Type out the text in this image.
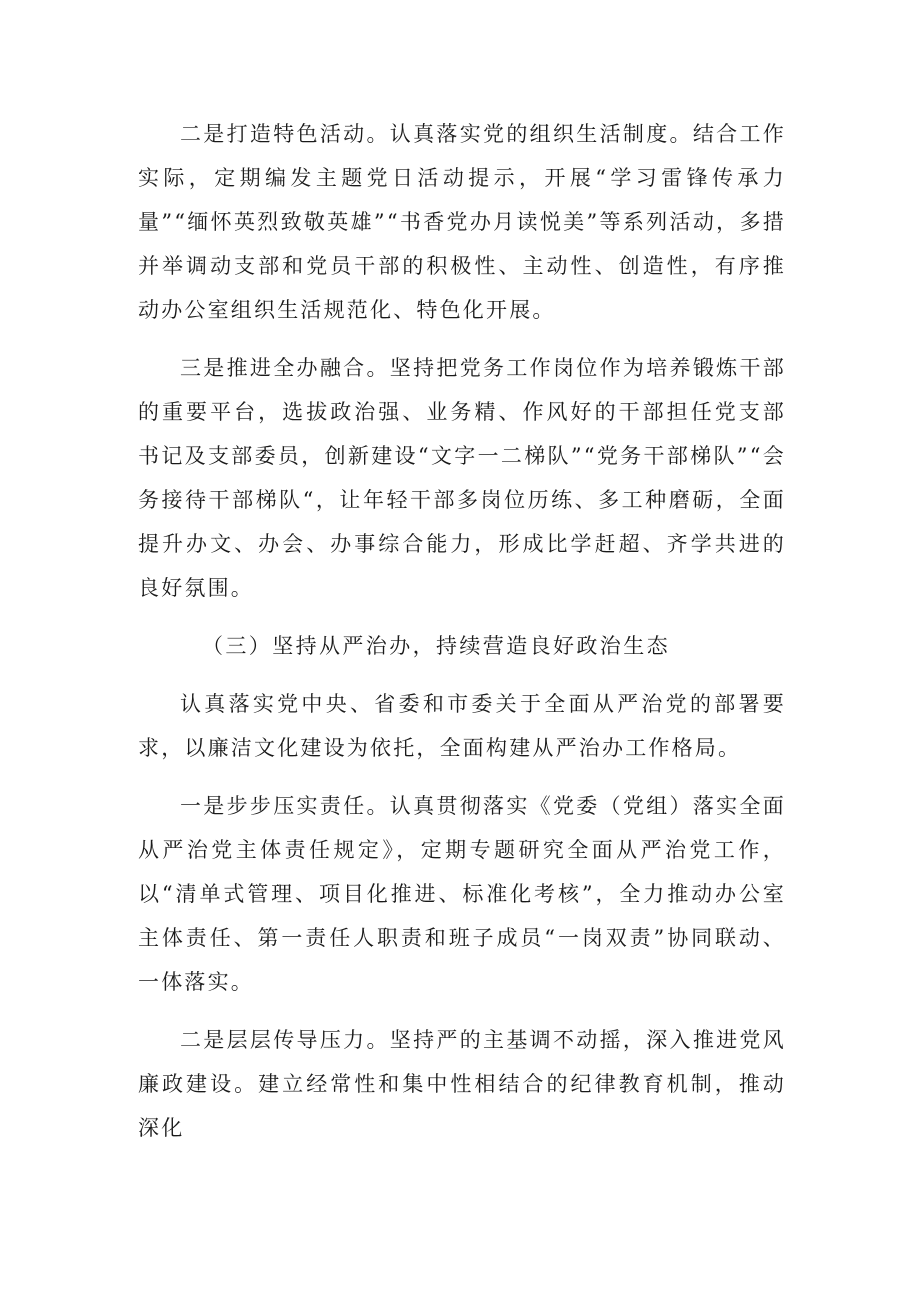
二是打造特色活动。认真落实党的组织生活制度。结合工作实际，定期编发主题党日活动提示，开展“学习雷锋传承力量”“缅怀英烈致敬英雄”“书香党办月读悦美”等系列活动，多措并举调动支部和党员干部的积极性、主动性、创造性，有序推动办公室组织生活规范化、特色化开展。

三是推进全办融合。坚持把党务工作岗位作为培养锻炼干部的重要平台，选拔政治强、业务精、作风好的干部担任党支部书记及支部委员，创新建设“文字一二梯队”“党务干部梯队”“会务接待干部梯队“，让年轻干部多岗位历练、多工种磨砺，全面提升办文、办会、办事综合能力，形成比学赶超、齐学共进的良好氛围。

（三）坚持从严治办，持续营造良好政治生态

认真落实党中央、省委和市委关于全面从严治党的部署要求，以廉洁文化建设为依托，全面构建从严治办工作格局。

一是步步压实责任。认真贯彻落实《党委（党组）落实全面从严治党主体责任规定》，定期专题研究全面从严治党工作，以“清单式管理、项目化推进、标准化考核”，全力推动办公室主体责任、第一责任人职责和班子成员“一岗双责”协同联动、一体落实。

二是层层传导压力。坚持严的主基调不动摇，深入推进党风廉政建设。建立经常性和集中性相结合的纪律教育机制，推动深化
